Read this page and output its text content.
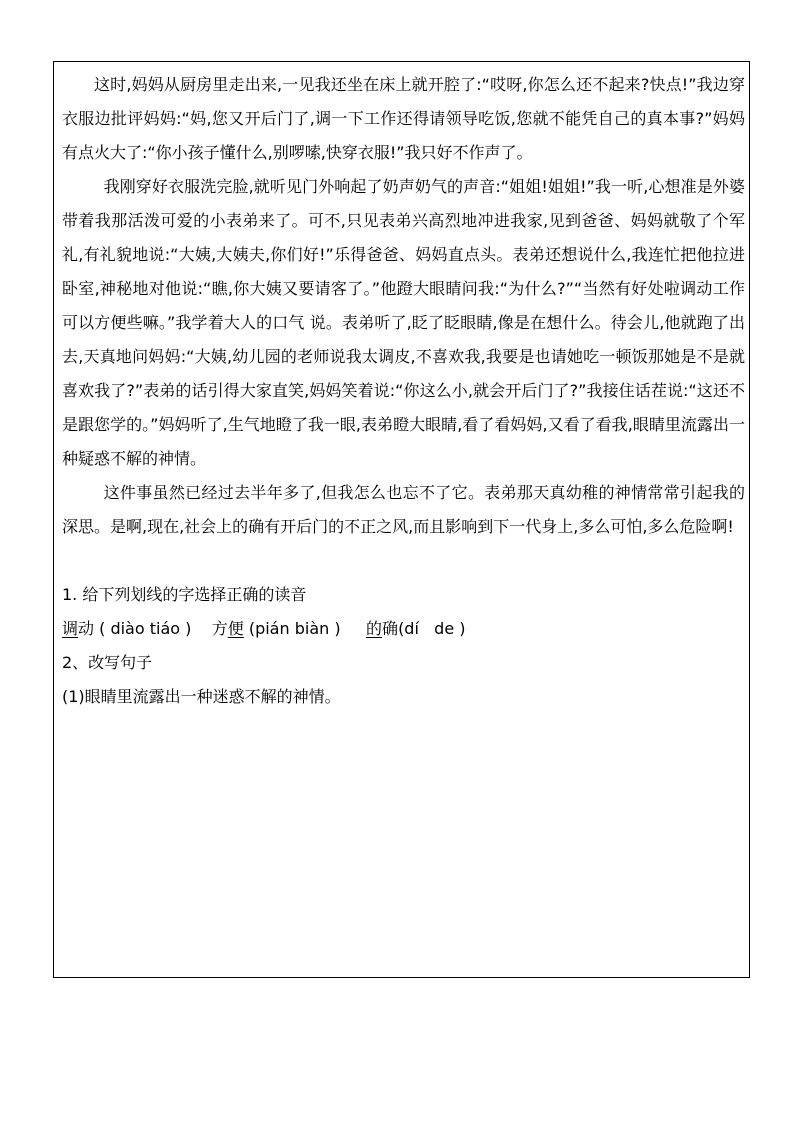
这时,妈妈从厨房里走出来,一见我还坐在床上就开腔了:“哎呀,你怎么还不起来?快点!”我边穿衣服边批评妈妈:“妈,您又开后门了,调一下工作还得请领导吃饭,您就不能凭自己的真本事?”妈妈有点火大了:“你小孩子懂什么,别啰嗦,快穿衣服!”我只好不作声了。

我刚穿好衣服洗完脸,就听见门外响起了奶声奶气的声音:“姐姐!姐姐!”我一听,心想准是外婆带着我那活泼可爱的小表弟来了。可不,只见表弟兴高烈地冲进我家,见到爸爸、妈妈就敬了个军礼,有礼貌地说:“大姨,大姨夫,你们好!”乐得爸爸、妈妈直点头。表弟还想说什么,我连忙把他拉进卧室,神秘地对他说:“瞧,你大姨又要请客了。”他蹬大眼睛问我:“为什么?”“当然有好处啦调动工作可以方便些嘛。”我学着大人的口气 说。表弟听了,眨了眨眼睛,像是在想什么。待会儿,他就跑了出去,天真地问妈妈:“大姨,幼儿园的老师说我太调皮,不喜欢我,我要是也请她吃一顿饭那她是不是就喜欢我了?”表弟的话引得大家直笑,妈妈笑着说:“你这么小,就会开后门了?”我接住话茬说:“这还不是跟您学的。”妈妈听了,生气地瞪了我一眼,表弟瞪大眼睛,看了看妈妈,又看了看我,眼睛里流露出一种疑惑不解的神情。

这件事虽然已经过去半年多了,但我怎么也忘不了它。表弟那天真幼稚的神情常常引起我的深思。是啊,现在,社会上的确有开后门的不正之风,而且影响到下一代身上,多么可怕,多么危险啊!

1. 给下列划线的字选择正确的读音

调动 ( diào tiáo ) 方便 (pián biàn ) 的确(dí   de )

2、改写句子

(1)眼睛里流露出一种迷惑不解的神情。
